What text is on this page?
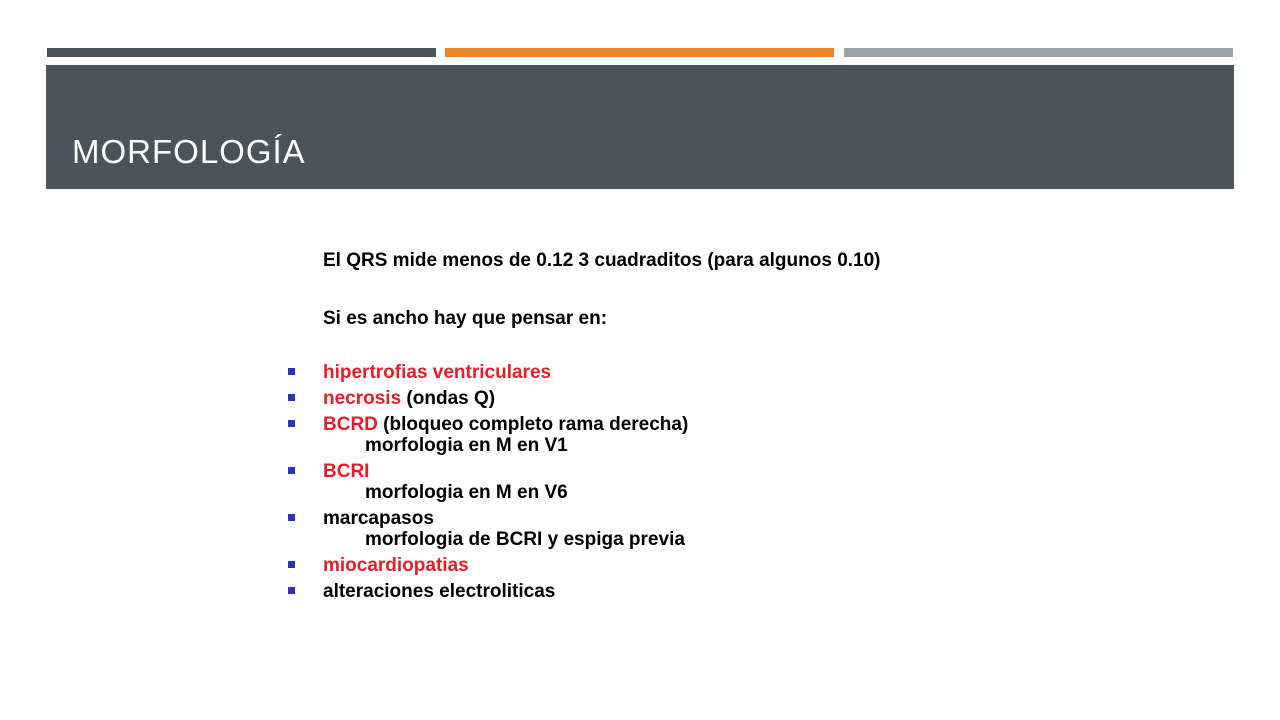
MORFOLOGÍA

El QRS mide menos de 0.12 3 cuadraditos (para algunos 0.10)

Si es ancho hay que pensar en:

hipertrofias ventriculares
necrosis (ondas Q)
BCRD (bloqueo completo rama derecha)
morfologia en M en V1
BCRI
morfologia en M en V6
marcapasos
morfologia de BCRI y espiga previa
miocardiopatias
alteraciones electroliticas
